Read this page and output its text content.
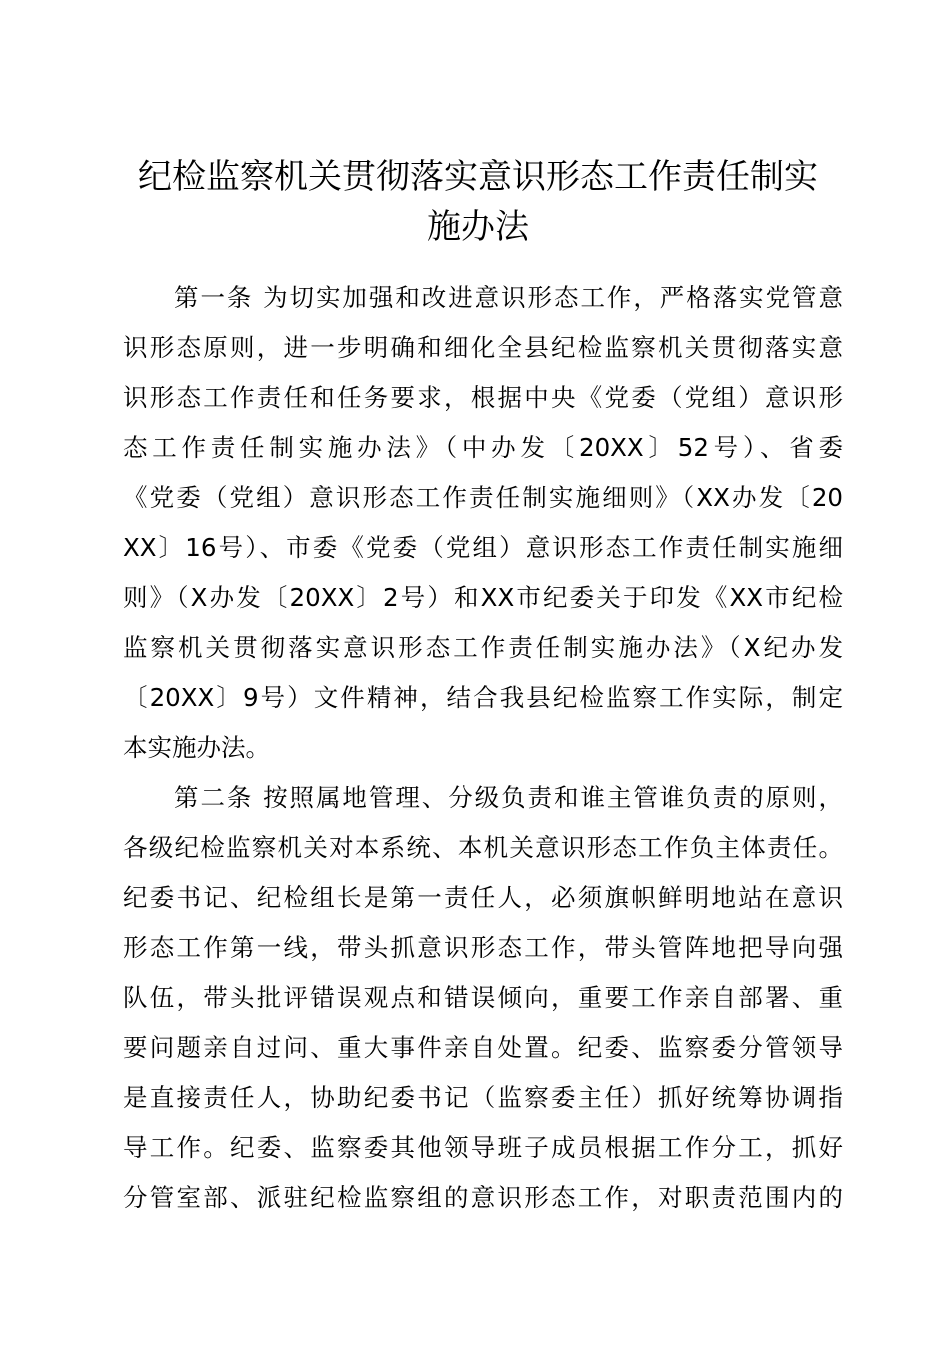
纪检监察机关贯彻落实意识形态工作责任制实
施办法

第一条 为切实加强和改进意识形态工作，严格落实党管意

识形态原则，进一步明确和细化全县纪检监察机关贯彻落实意

识形态工作责任和任务要求，根据中央《党委（党组）意识形

态工作责任制实施办法》（中办发〔20XX〕52号）、省委

《党委（党组）意识形态工作责任制实施细则》（XX办发〔20

XX〕16号）、市委《党委（党组）意识形态工作责任制实施细

则》（X办发〔20XX〕2号）和XX市纪委关于印发《XX市纪检

监察机关贯彻落实意识形态工作责任制实施办法》（X纪办发

〔20XX〕9号）文件精神，结合我县纪检监察工作实际，制定

本实施办法。

第二条 按照属地管理、分级负责和谁主管谁负责的原则，

各级纪检监察机关对本系统、本机关意识形态工作负主体责任。

纪委书记、纪检组长是第一责任人，必须旗帜鲜明地站在意识

形态工作第一线，带头抓意识形态工作，带头管阵地把导向强

队伍，带头批评错误观点和错误倾向，重要工作亲自部署、重

要问题亲自过问、重大事件亲自处置。纪委、监察委分管领导

是直接责任人，协助纪委书记（监察委主任）抓好统筹协调指

导工作。纪委、监察委其他领导班子成员根据工作分工，抓好

分管室部、派驻纪检监察组的意识形态工作，对职责范围内的
